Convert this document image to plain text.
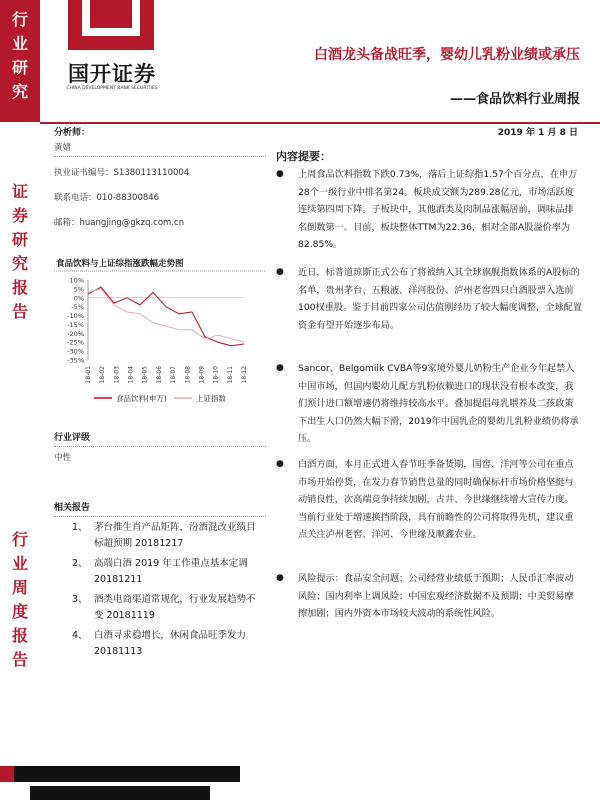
行
业
研
究
证
券
研
究
报
告
行
业
周
度
报
告
国开证券
CHINA DEVELOPMENT BANK SECURITIES
白酒龙头备战旺季，婴幼儿乳粉业绩或承压
——食品饮料行业周报
2019 年 1 月 8 日
分析师：
黄婧
执业证书编号：S1380113110004
联系电话：010-88300846
邮箱：huangjing@gkzq.com.cn
食品饮料与上证综指涨跌幅走势图
10%
5%
0%
-5%
-10%
-15%
-20%
-25%
-30%
-35%
18-01 18-02 18-03 18-04 18-05 18-06 18-07 18-08 18-09 18-10 18-11 18-12
食品饮料(申万)	上证指数
行业评级
中性
相关报告
1、 茅台推生肖产品矩阵，汾酒混改业绩目标超预期 20181217
2、 高端白酒 2019 年工作重点基本定调 20181211
3、 酒类电商渠道常规化，行业发展趋势不变 20181119
4、 白酒寻求稳增长，休闲食品旺季发力 20181113
内容提要：
● 上周食品饮料指数下跌0.73%，落后上证综指1.57个百分点，在申万28个一级行业中排名第24。板块成交额为289.28亿元，市场活跃度连续第四周下降。子板块中，其他酒类及肉制品涨幅居前，调味品排名倒数第一。目前，板块整体TTM为22.36，相对全部A股溢价率为82.85%。
● 近日，标普道琼斯正式公布了将被纳入其全球旗舰指数体系的A股标的名单，贵州茅台、五粮液、洋河股份、泸州老窖四只白酒股票入选前100权重股。鉴于目前四家公司估值刚经历了较大幅度调整，全球配置资金有望开始逐步布局。
● Sancor、Belgomilk CVBA等9家境外婴儿奶粉生产企业今年起禁入中国市场，但国内婴幼儿配方乳粉依赖进口的现状没有根本改变，我们预计进口额增速仍将维持较高水平。叠加提倡母乳喂养及二孩政策下出生人口仍然大幅下滑，2019年中国乳企的婴幼儿乳粉业绩仍将承压。
● 白酒方面，本月正式进入春节旺季备货期，国窖、洋河等公司在重点市场开始停货，在发力春节销售总量的同时确保标杆市场价格坚挺与动销良性，次高端竞争持续加剧，古井、今世缘继续增大宣传力度。当前行业处于增速换挡阶段，具有前瞻性的公司将取得先机，建议重点关注泸州老窖、洋河、今世缘及顺鑫农业。
● 风险提示：食品安全问题；公司经营业绩低于预期；人民币汇率波动风险；国内利率上调风险；中国宏观经济数据不及预期；中美贸易摩擦加剧；国内外资本市场较大波动的系统性风险。
